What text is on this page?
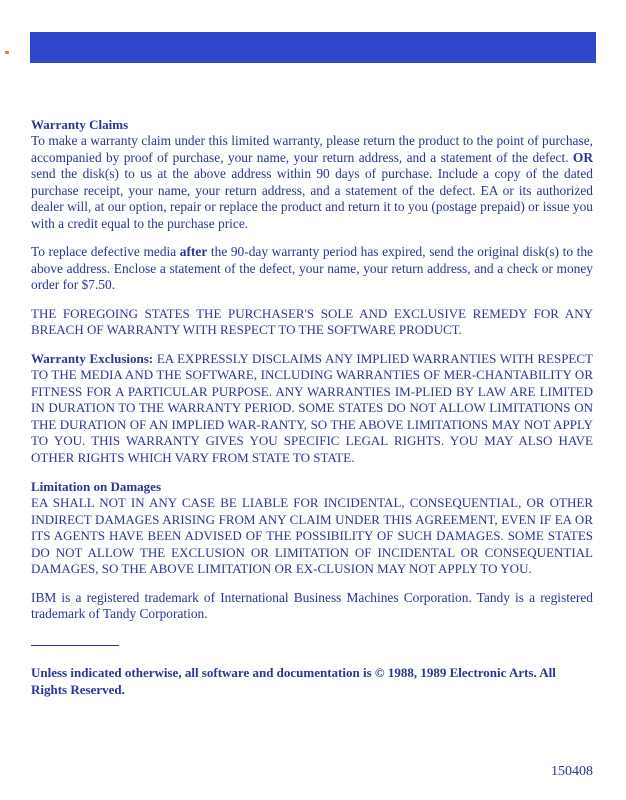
Warranty Claims

To make a warranty claim under this limited warranty, please return the product to the point of purchase, accompanied by proof of purchase, your name, your return address, and a statement of the defect. OR send the disk(s) to us at the above address within 90 days of purchase. Include a copy of the dated purchase receipt, your name, your return address, and a statement of the defect. EA or its authorized dealer will, at our option, repair or replace the product and return it to you (postage prepaid) or issue you with a credit equal to the purchase price.

To replace defective media after the 90-day warranty period has expired, send the original disk(s) to the above address. Enclose a statement of the defect, your name, your return address, and a check or money order for $7.50.

THE FOREGOING STATES THE PURCHASER'S SOLE AND EXCLUSIVE REMEDY FOR ANY BREACH OF WARRANTY WITH RESPECT TO THE SOFTWARE PRODUCT.

Warranty Exclusions: EA EXPRESSLY DISCLAIMS ANY IMPLIED WARRANTIES WITH RESPECT TO THE MEDIA AND THE SOFTWARE, INCLUDING WARRANTIES OF MER-CHANTABILITY OR FITNESS FOR A PARTICULAR PURPOSE. ANY WARRANTIES IM-PLIED BY LAW ARE LIMITED IN DURATION TO THE WARRANTY PERIOD. SOME STATES DO NOT ALLOW LIMITATIONS ON THE DURATION OF AN IMPLIED WAR-RANTY, SO THE ABOVE LIMITATIONS MAY NOT APPLY TO YOU. THIS WARRANTY GIVES YOU SPECIFIC LEGAL RIGHTS. YOU MAY ALSO HAVE OTHER RIGHTS WHICH VARY FROM STATE TO STATE.

Limitation on Damages

EA SHALL NOT IN ANY CASE BE LIABLE FOR INCIDENTAL, CONSEQUENTIAL, OR OTHER INDIRECT DAMAGES ARISING FROM ANY CLAIM UNDER THIS AGREEMENT, EVEN IF EA OR ITS AGENTS HAVE BEEN ADVISED OF THE POSSIBILITY OF SUCH DAMAGES. SOME STATES DO NOT ALLOW THE EXCLUSION OR LIMITATION OF INCIDENTAL OR CONSEQUENTIAL DAMAGES, SO THE ABOVE LIMITATION OR EX-CLUSION MAY NOT APPLY TO YOU.

IBM is a registered trademark of International Business Machines Corporation. Tandy is a registered trademark of Tandy Corporation.

Unless indicated otherwise, all software and documentation is © 1988, 1989 Electronic Arts. All Rights Reserved.

150408
